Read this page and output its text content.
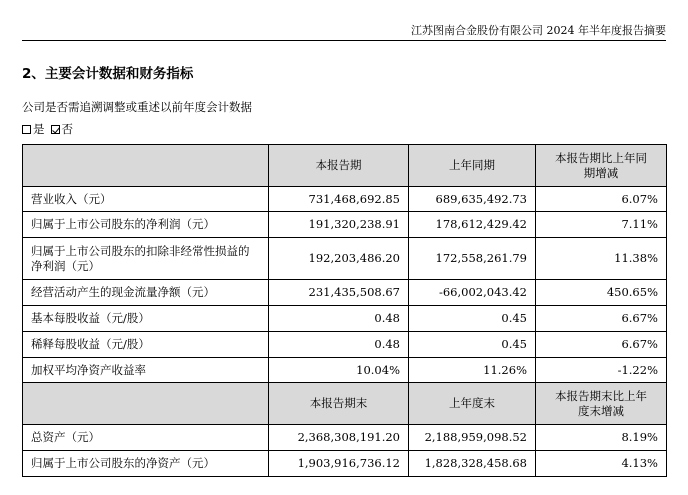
江苏图南合金股份有限公司 2024 年半年度报告摘要
2、主要会计数据和财务指标
公司是否需追溯调整或重述以前年度会计数据
是 否
	本报告期	上年同期	本报告期比上年同期增减
营业收入（元）	731,468,692.85	689,635,492.73	6.07%
归属于上市公司股东的净利润（元）	191,320,238.91	178,612,429.42	7.11%
归属于上市公司股东的扣除非经常性损益的净利润（元）	192,203,486.20	172,558,261.79	11.38%
经营活动产生的现金流量净额（元）	231,435,508.67	-66,002,043.42	450.65%
基本每股收益（元/股）	0.48	0.45	6.67%
稀释每股收益（元/股）	0.48	0.45	6.67%
加权平均净资产收益率	10.04%	11.26%	-1.22%
	本报告期末	上年度末	本报告期末比上年度末增减
总资产（元）	2,368,308,191.20	2,188,959,098.52	8.19%
归属于上市公司股东的净资产（元）	1,903,916,736.12	1,828,328,458.68	4.13%
